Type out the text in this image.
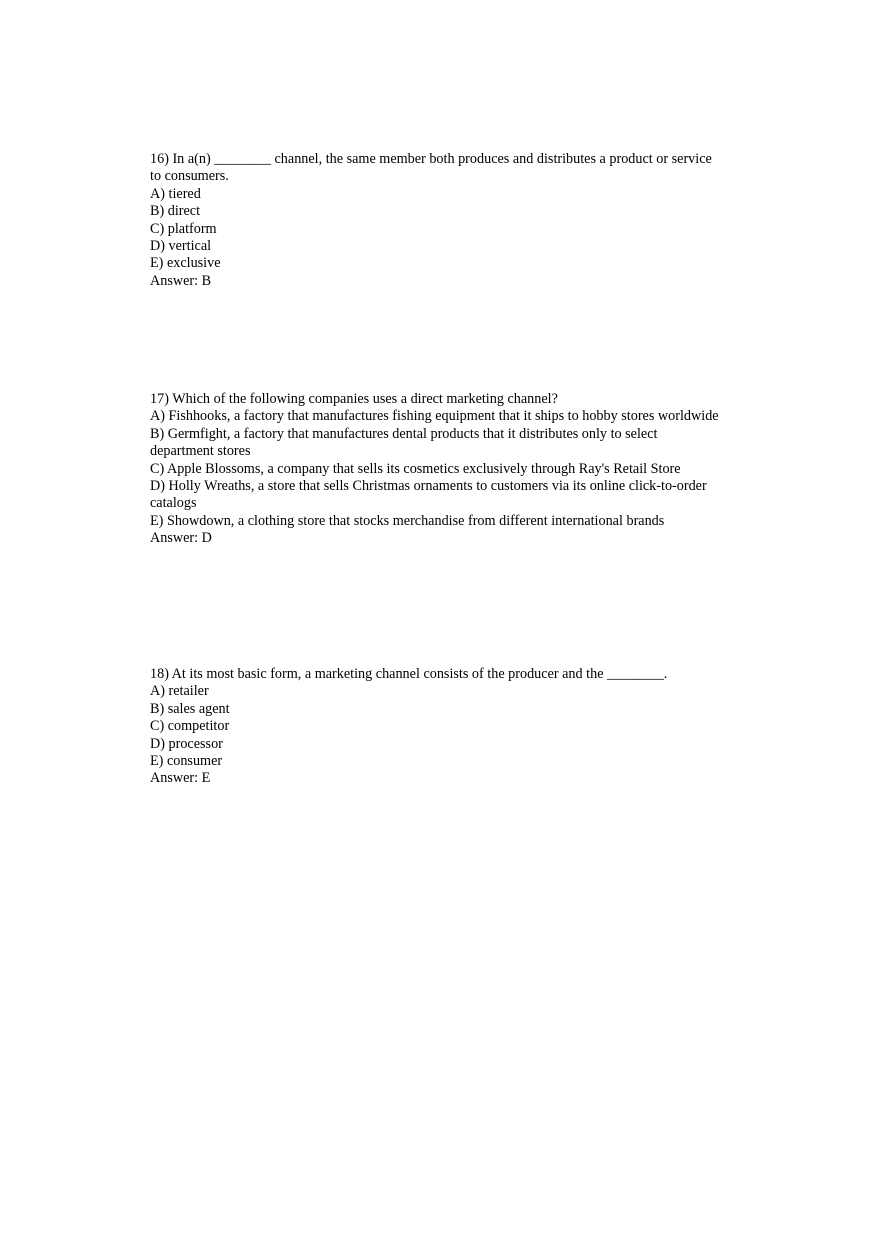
16) In a(n) ________ channel, the same member both produces and distributes a product or service to consumers.
A) tiered
B) direct
C) platform
D) vertical
E) exclusive
Answer: B
17) Which of the following companies uses a direct marketing channel?
A) Fishhooks, a factory that manufactures fishing equipment that it ships to hobby stores worldwide
B) Germfight, a factory that manufactures dental products that it distributes only to select department stores
C) Apple Blossoms, a company that sells its cosmetics exclusively through Ray's Retail Store
D) Holly Wreaths, a store that sells Christmas ornaments to customers via its online click-to-order catalogs
E) Showdown, a clothing store that stocks merchandise from different international brands
Answer: D
18) At its most basic form, a marketing channel consists of the producer and the ________.
A) retailer
B) sales agent
C) competitor
D) processor
E) consumer
Answer: E
